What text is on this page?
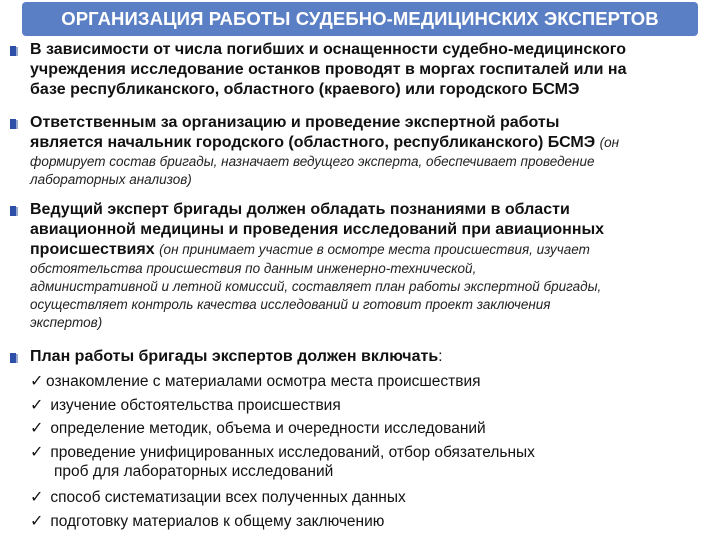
ОРГАНИЗАЦИЯ РАБОТЫ СУДЕБНО-МЕДИЦИНСКИХ ЭКСПЕРТОВ
В зависимости от числа погибших и оснащенности судебно-медицинского
учреждения исследование останков проводят в моргах госпиталей или на
базе республиканского, областного (краевого) или городского БСМЭ
Ответственным за организацию и проведение экспертной работы
является начальник городского (областного, республиканского) БСМЭ (он
формирует состав бригады, назначает ведущего эксперта, обеспечивает проведение
лабораторных анализов)
Ведущий эксперт бригады должен обладать познаниями в области
авиационной медицины и проведения исследований при авиационных
происшествиях (он принимает участие в осмотре места происшествия, изучает
обстоятельства происшествия по данным инженерно-технической,
административной и летной комиссий, составляет план работы экспертной бригады,
осуществляет контроль качества исследований и готовит проект заключения
экспертов)
План работы бригады экспертов должен включать:
✓ ознакомление с материалами осмотра места происшествия
✓ изучение обстоятельства происшествия
✓ определение методик, объема и очередности исследований
✓ проведение унифицированных исследований, отбор обязательных
проб для лабораторных исследований
✓ способ систематизации всех полученных данных
✓ подготовку материалов к общему заключению
